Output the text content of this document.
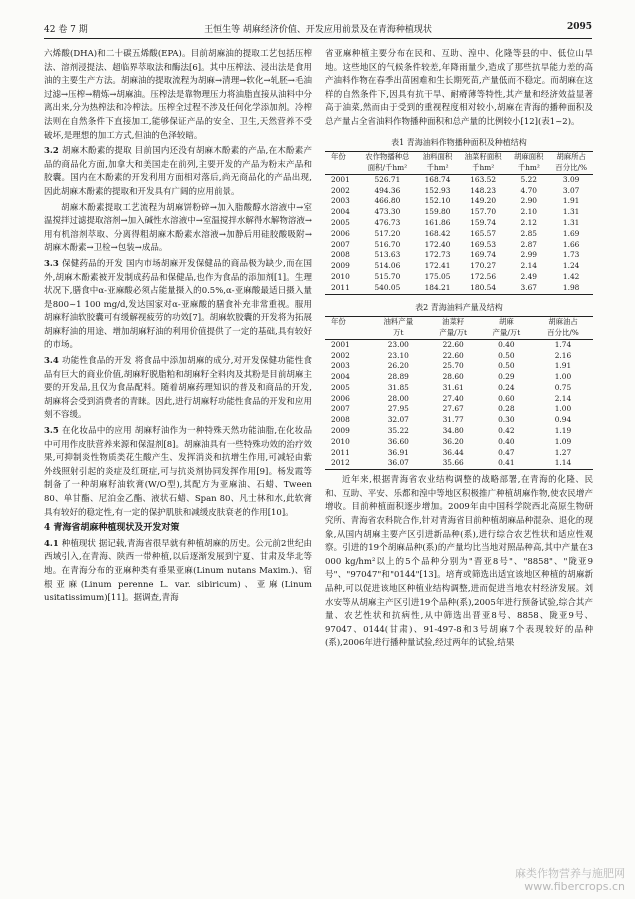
42 卷 7 期	王恒生等 胡麻经济价值、开发应用前景及在青海种植现状	2095

六烯酸(DHA)和二十碳五烯酸(EPA)。目前胡麻油的提取工艺包括压榨法、溶剂浸提法、超临界萃取法和酶法[6]。其中压榨法、浸出法是食用油的主要生产方法。胡麻油的提取流程为胡麻→清理→软化→轧胚→毛油过滤→压榨→精炼→胡麻油。压榨法是靠物理压力将油脂直接从油料中分离出来,分为热榨法和冷榨法。压榨全过程不涉及任何化学添加剂。冷榨法则在自然条件下直接加工,能够保证产品的安全、卫生,天然营养不受破坏,是理想的加工方式,但油的色泽较暗。

3.2 胡麻木酚素的提取 目前国内还没有胡麻木酚素的产品,在木酚素产品的商品化方面,加拿大和美国走在前列,主要开发的产品为粉末产品和胶囊。国内在木酚素的开发利用方面相对落后,尚无商品化的产品出现,因此胡麻木酚素的提取和开发具有广阔的应用前景。

胡麻木酚素提取工艺流程为胡麻饼粉碎→加入脂酸醇水溶液中→室温搅拌过滤提取溶剂→加入碱性水溶液中→室温搅拌水解得水解物溶液→用有机溶剂萃取、分离得粗胡麻木酚素水溶液→加静后用硅胶酸吸附→胡麻木酚素→卫检→包装→成品。

3.3 保健药品的开发 国内市场胡麻开发保健品的商品极为缺少,而在国外,胡麻木酚素被开发制成药品和保健品,也作为食品的添加剂[1]。生理状况下,膳食中α-亚麻酸必须占能量摄入的0.5%,α-亚麻酸最适日摄入量是800~1 100 mg/d,发达国家对α-亚麻酸的膳食补充非常重视。服用胡麻籽油软胶囊可有缓解视疲劳的功效[7]。胡麻软胶囊的开发将为拓展胡麻籽油的用途、增加胡麻籽油的利用价值提供了一定的基础,具有较好的市场。

3.4 功能性食品的开发 将食品中添加胡麻的成分,对开发保健功能性食品有巨大的商业价值,胡麻籽脱脂粕和胡麻籽全料肉及其粉是目前胡麻主要的开发品,且仅为食品配料。随着胡麻药理知识的普及和商品的开发,胡麻将会受到消费者的青睐。因此,进行胡麻籽功能性食品的开发和应用刻不容缓。

3.5 在化妆品中的应用 胡麻籽油作为一种特殊天然功能油脂,在化妆品中可用作皮肤营养来源和保湿剂[8]。胡麻油具有一些特殊功效的治疗效果,可抑制炎性物质类花生酸产生、发挥消炎和抗增生作用,可减轻由紫外线照射引起的炎症及红斑症,可与抗炎剂协同发挥作用[9]。杨发霞等制备了一种胡麻籽油软膏(W/O型),其配方为亚麻油、石蜡、Tween 80、单甘酯、尼泊金乙酯、液状石蜡、Span 80、凡士林和水,此软膏具有较好的稳定性,有一定的保护肌肤和减缓皮肤衰老的作用[10]。

4 青海省胡麻种植现状及开发对策

4.1 种植现状 据记载,青海省很早就有种植胡麻的历史。公元前2世纪由西域引入,在青海、陕西一带种植,以后逐渐发展到宁夏、甘肃及华北等地。在青海分布的亚麻种类有垂果亚麻(Linum nutans Maxim.)、宿根亚麻(Linum perenne L. var. sibiricum)、亚麻(Linum usitatissimum)[11]。据调查,青海

省亚麻种植主要分布在民和、互助、湟中、化隆等县的中、低位山旱地。这些地区的气候条件较差,年降雨量少,造成了那些抗旱能力差的高产油料作物在春季出苗困难和生长期死苗,产量低而不稳定。而胡麻在这样的自然条件下,因具有抗干旱、耐瘠薄等特性,其产量和经济效益显著高于油菜,然而由于受到的重视程度相对较小,胡麻在青海的播种面积及总产量占全省油料作物播种面积和总产量的比例较小[12](表1~2)。

表1 青海油料作物播种面积及种植结构
年份	农作物播种总	油料面积	油菜籽面积	胡麻面积	胡麻所占
	面积/千hm²	千hm²	千hm²	千hm²	百分比/%
2001	526.71	168.74	163.52	5.22	3.09
2002	494.36	152.93	148.23	4.70	3.07
2003	466.80	152.10	149.20	2.90	1.91
2004	473.30	159.80	157.70	2.10	1.31
2005	476.73	161.86	159.74	2.12	1.31
2006	517.20	168.42	165.57	2.85	1.69
2007	516.70	172.40	169.53	2.87	1.66
2008	513.63	172.73	169.74	2.99	1.73
2009	514.06	172.41	170.27	2.14	1.24
2010	515.70	175.05	172.56	2.49	1.42
2011	540.05	184.21	180.54	3.67	1.98
表2 青海油料产量及结构
年份	油料产量	油菜籽	胡麻	胡麻油占
	万t	产量/万t	产量/万t	百分比/%
2001	23.00	22.60	0.40	1.74
2002	23.10	22.60	0.50	2.16
2003	26.20	25.70	0.50	1.91
2004	28.89	28.60	0.29	1.00
2005	31.85	31.61	0.24	0.75
2006	28.00	27.40	0.60	2.14
2007	27.95	27.67	0.28	1.00
2008	32.07	31.77	0.30	0.94
2009	35.22	34.80	0.42	1.19
2010	36.60	36.20	0.40	1.09
2011	36.91	36.44	0.47	1.27
2012	36.07	35.66	0.41	1.14

近年来,根据青海省农业结构调整的战略部署,在青海的化隆、民和、互助、平安、乐都和湟中等地区积极推广种植胡麻作物,使农民增产增收。目前种植面积逐步增加。2009年由中国科学院西北高原生物研究所、青海省农科院合作,针对青海省目前种植胡麻品种混杂、退化的现象,从国内胡麻主要产区引进新品种(系),进行综合农艺性状和适应性观察。引进的19个胡麻品种(系)的产量均比当地对照品种高,其中产量在3 000 kg/hm²以上的5个品种分别为"晋亚8号"、"8858"、"陇亚9号"、"97047"和"0144"[13]。培育或筛选出适宜该地区种植的胡麻新品种,可以促进该地区种植业结构调整,进而促进当地农村经济发展。刘水安等从胡麻主产区引进19个品种(系),2005年进行预备试验,综合其产量、农艺性状和抗病性,从中筛选出晋亚8号、8858、陇亚9号、97047、0144(甘肃)、91-497-8和3号胡麻7个表现较好的品种(系),2006年进行播种量试验,经过两年的试验,结果

麻类作物营养与施肥网
www.fibercrops.cn
